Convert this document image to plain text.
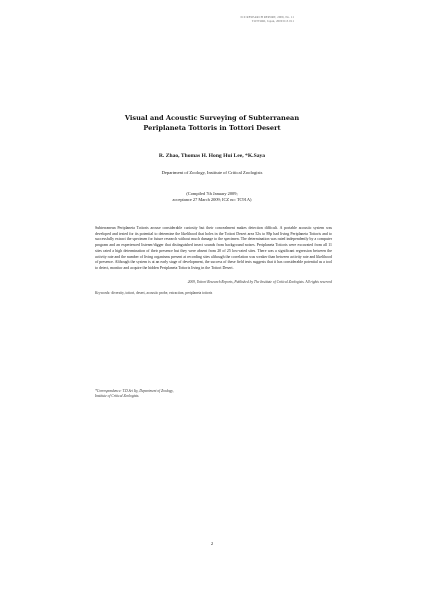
ICZ RESEARCH REPORT, 2009, No. 11
TOTTORI, Japan, 2009 ICZ 011
Visual and Acoustic Surveying of Subterranean
Periplaneta Tottoris in Tottori Desert
R. Zhao, Thomas H. Hong Hui Lee, *K.Saya
Department of Zoology, Institute of Critical Zoologists
(Compiled 7th January 2009;
acceptance 27 March 2009; ICZ no: TC91A)

Subterranean Periplaneta Tottoris arouse considerable curiosity but their concealment makes detection difficult. A portable acoustic system was developed and tested for its potential to determine the likelihood that holes in the Tottori Desert area 52x to 88p had living Periplaneta Tottoris and to successfully extract the specimen for future research without much damage to the specimen. The determination was rated independently by a computer program and an experienced listener/digger that distinguished insect sounds from background noises. Periplaneta Tottoris were excavated from all 11 sites rated a high determination of their presence but they were absent from 20 of 25 low-rated sites. There was a significant regression between the activity rate and the number of living organisms present at recording sites although the correlation was weaker than between activity rate and likelihood of presence. Although the system is at an early stage of development, the success of these field tests suggests that it has considerable potential as a tool to detect, monitor and acquire the hidden Periplaneta Tottoris living in the Tottori Desert.

2009, Tottori Research Reports, Published by The Institute of Critical Zoologists. All rights reserved
Keywords: diversity, tottori, desert, acoustic probe, extraction, periplaneta tottoris
*Correspondence: T.D.Sei Ity, Department of Zoology,
Institute of Critical Zoologists.
2
